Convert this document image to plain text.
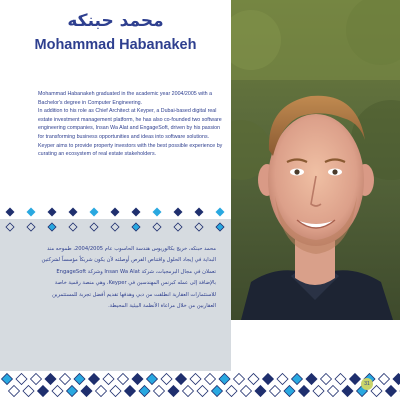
محمد حبنكه
Mohammad Habanakeh

Mohammad Habanakeh graduated in the academic year 2004/2005 with a Bachelor's degree in Computer Engineering.

In addition to his role as Chief Architect at Keyper, a Dubai-based digital real estate investment management platform, he has also co-founded two software engineering companies, Insan Wa Alat and EngageSoft, driven by his passion for transforming business opportunities and ideas into software solutions. Keyper aims to provide property investors with the best possible experience by curating an ecosystem of real estate stakeholders.

محمد حبنكه، خريج بكالوريوس هندسة الحاسوب عام 2004/2005، طموحه منذ البداية في إيجاد الحلول واقتناص الفرص أوصلته لأن يكون شريكاً مؤسساً لشركتين تعملان في مجال البرمجيات، شركة Insan Wa Alat وشركة EngageSoft بالإضافة إلى عمله كبرنس المهندسين في Keyper، وهي منصة رقمية خاصة للاستثمارات العقارية انطلقت من دبي وهدفها تقديم أفضل تجربة للمستثمرين العقاريين من خلال مراعاة الأنظمة البيئية المحيطة.

31
